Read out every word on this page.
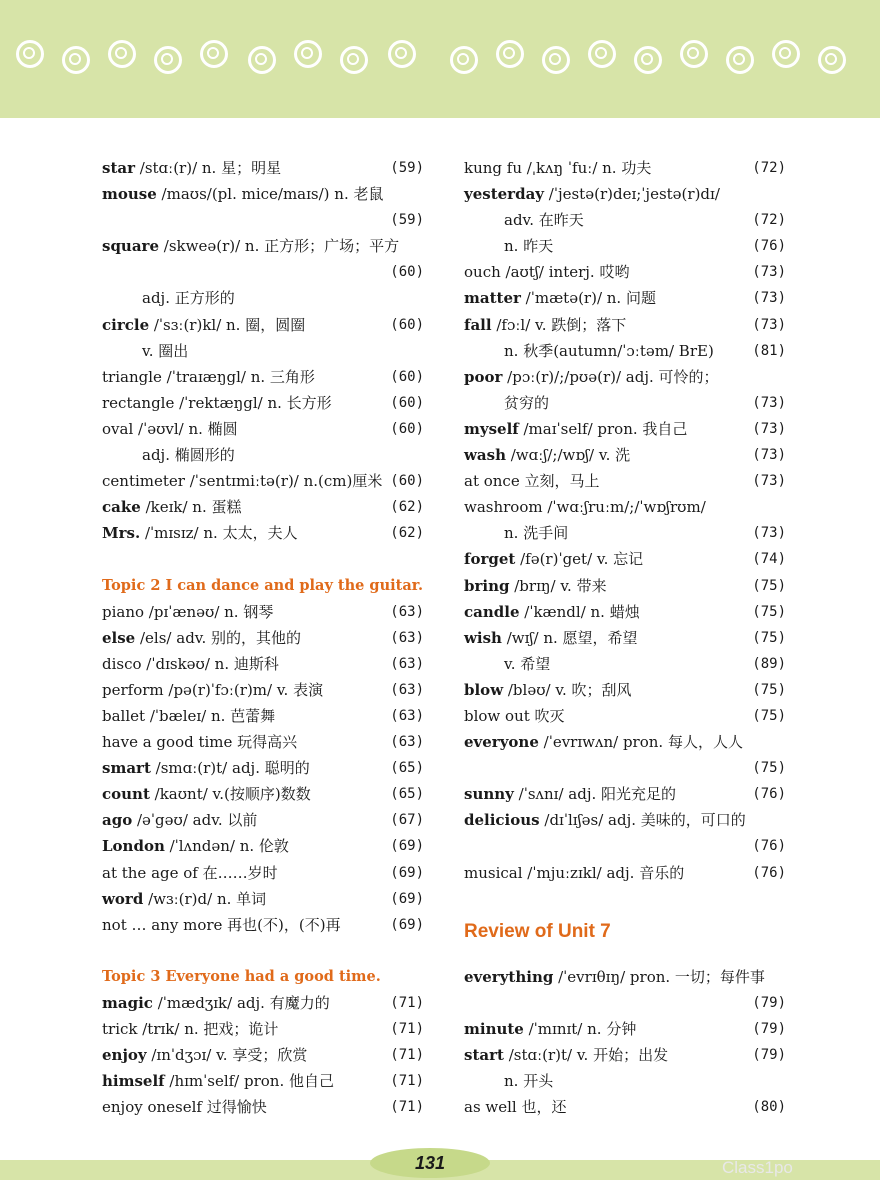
star /stɑː(r)/ n. 星；明星	(59)
mouse /maʊs/(pl. mice/maɪs/) n. 老鼠
(59)
square /skweə(r)/ n. 正方形；广场；平方
(60)
adj. 正方形的
circle /ˈsɜː(r)kl/ n. 圈，圆圈	(60)
v. 圈出
triangle /ˈtraɪæŋgl/ n. 三角形	(60)
rectangle /ˈrektæŋgl/ n. 长方形	(60)
oval /ˈəʊvl/ n. 椭圆	(60)
adj. 椭圆形的
centimeter /ˈsentɪmiːtə(r)/ n.(cm)厘米 (60)
cake /keɪk/ n. 蛋糕	(62)
Mrs. /ˈmɪsɪz/ n. 太太，夫人	(62)
Topic 2 I can dance and play the guitar.
piano /pɪˈænəʊ/ n. 钢琴	(63)
else /els/ adv. 别的，其他的	(63)
disco /ˈdɪskəʊ/ n. 迪斯科	(63)
perform /pə(r)ˈfɔː(r)m/ v. 表演	(63)
ballet /ˈbæleɪ/ n. 芭蕾舞	(63)
have a good time 玩得高兴	(63)
smart /smɑː(r)t/ adj. 聪明的	(65)
count /kaʊnt/ v.(按顺序)数数	(65)
ago /əˈgəʊ/ adv. 以前	(67)
London /ˈlʌndən/ n. 伦敦	(69)
at the age of 在……岁时	(69)
word /wɜː(r)d/ n. 单词	(69)
not … any more 再也(不)，(不)再	(69)
Topic 3 Everyone had a good time.
magic /ˈmædʒɪk/ adj. 有魔力的	(71)
trick /trɪk/ n. 把戏；诡计	(71)
enjoy /ɪnˈdʒɔɪ/ v. 享受；欣赏	(71)
himself /hɪmˈself/ pron. 他自己	(71)
enjoy oneself 过得愉快	(71)
kung fu /ˌkʌŋ ˈfuː/ n. 功夫	(72)
yesterday /ˈjestə(r)deɪ;ˈjestə(r)dɪ/
adv. 在昨天	(72)
n. 昨天	(76)
ouch /aʊtʃ/ interj. 哎哟	(73)
matter /ˈmætə(r)/ n. 问题	(73)
fall /fɔːl/ v. 跌倒；落下	(73)
n. 秋季(autumn/ˈɔːtəm/ BrE)	(81)
poor /pɔː(r)/;/pʊə(r)/ adj. 可怜的；
贫穷的	(73)
myself /maɪˈself/ pron. 我自己	(73)
wash /wɑːʃ/;/wɒʃ/ v. 洗	(73)
at once 立刻，马上	(73)
washroom /ˈwɑːʃruːm/;/ˈwɒʃrʊm/
n. 洗手间	(73)
forget /fə(r)ˈget/ v. 忘记	(74)
bring /brɪŋ/ v. 带来	(75)
candle /ˈkændl/ n. 蜡烛	(75)
wish /wɪʃ/ n. 愿望，希望	(75)
v. 希望	(89)
blow /bləʊ/ v. 吹；刮风	(75)
blow out 吹灭	(75)
everyone /ˈevrɪwʌn/ pron. 每人，人人
(75)
sunny /ˈsʌnɪ/ adj. 阳光充足的	(76)
delicious /dɪˈlɪʃəs/ adj. 美味的，可口的
(76)
musical /ˈmjuːzɪkl/ adj. 音乐的	(76)
Review of Unit 7
everything /ˈevrɪθɪŋ/ pron. 一切；每件事
(79)
minute /ˈmɪnɪt/ n. 分钟	(79)
start /stɑː(r)t/ v. 开始；出发	(79)
n. 开头
as well 也，还	(80)
131	Class1po
